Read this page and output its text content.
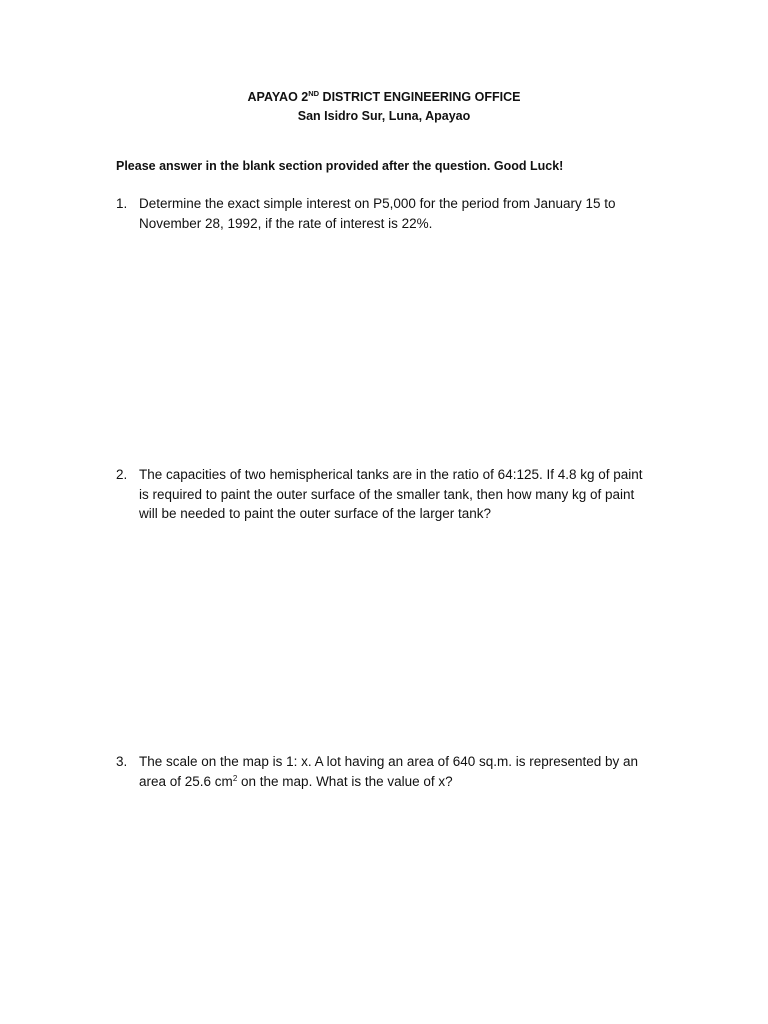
APAYAO 2ND DISTRICT ENGINEERING OFFICE
San Isidro Sur, Luna, Apayao
Please answer in the blank section provided after the question. Good Luck!
1. Determine the exact simple interest on P5,000 for the period from January 15 to
November 28, 1992, if the rate of interest is 22%.
2. The capacities of two hemispherical tanks are in the ratio of 64:125. If 4.8 kg of paint
is required to paint the outer surface of the smaller tank, then how many kg of paint
will be needed to paint the outer surface of the larger tank?
3. The scale on the map is 1: x. A lot having an area of 640 sq.m. is represented by an
area of 25.6 $cm^2$ on the map. What is the value of x?
